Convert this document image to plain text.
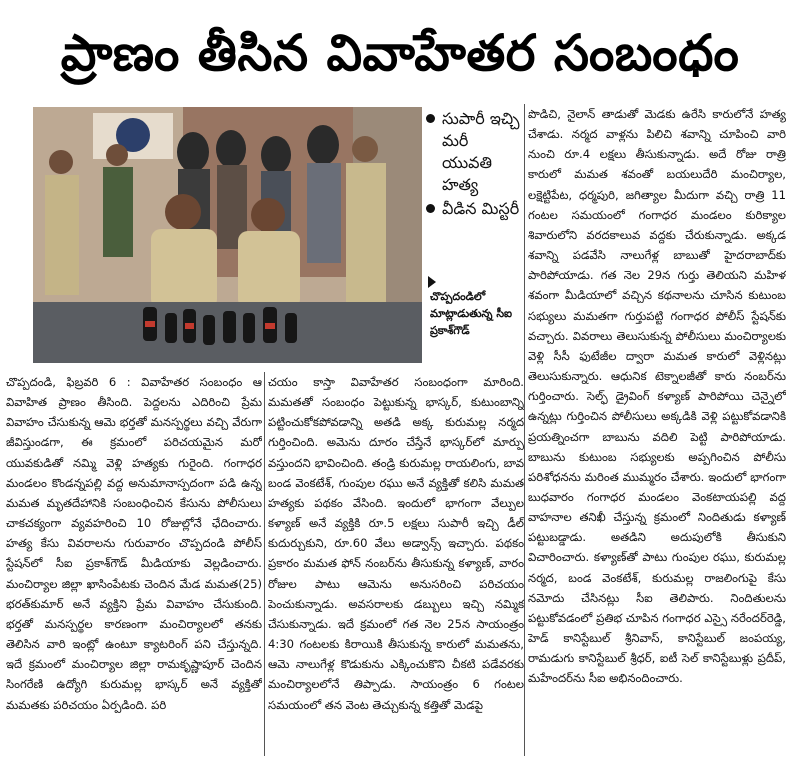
ప్రాణం తీసిన వివాహేతర సంబంధం
సుపారీ ఇచ్చి మరీ యువతి హత్య
వీడిన మిస్టరీ
చొప్పదండిలో మాట్లాడుతున్న సీఐ ప్రకాశ్‌గౌడ్

చొప్పదండి, ఫిబ్రవరి 6 : వివాహేతర సంబంధం ఆ వివాహిత ప్రాణం తీసింది. పెద్దలను ఎదిరించి ప్రేమ వివాహం చేసుకున్న ఆమె భర్తతో మనస్పర్థలు వచ్చి వేరుగా జీవిస్తుండగా, ఈ క్రమంలో పరిచయమైన మరో యువకుడితో నమ్మి వెళ్లి హత్యకు గురైంది. గంగాధర మండలం కొండన్నపల్లి వద్ద అనుమానాస్పదంగా పడి ఉన్న మమత మృతదేహానికి సంబంధించిన కేసును పోలీసులు చాకచక్యంగా వ్యవహరించి 10 రోజుల్లోనే ఛేదించారు. హత్య కేసు వివరాలను గురువారం చొప్పదండి పోలీస్ స్టేషన్‌లో సీఐ ప్రకాశ్‌గౌడ్ మీడియాకు వెల్లడించారు. మంచిర్యాల జిల్లా ఖాసింపేటకు చెందిన మేడ మమత(25) భరత్‌కుమార్ అనే వ్యక్తిని ప్రేమ వివాహం చేసుకుంది. భర్తతో మనస్పర్థల కారణంగా మంచిర్యాలలో తనకు తెలిసిన వారి ఇంట్లో ఉంటూ క్యాటరింగ్ పని చేస్తున్నది. ఇదే క్రమంలో మంచిర్యాల జిల్లా రామకృష్ణాపూర్ చెందిన సింగరేణి ఉద్యోగి కురుమల్ల భాస్కర్ అనే వ్యక్తితో మమతకు పరిచయం ఏర్పడింది. పరి

చయం కాస్తా వివాహేతర సంబంధంగా మారింది. మమతతో సంబంధం పెట్టుకున్న భాస్కర్, కుటుంబాన్ని పట్టించుకోకపోవడాన్ని అతడి అక్క కురుమల్ల నర్మద గుర్తించింది. అమెను దూరం చేస్తేనే భాస్కర్‌లో మార్పు వస్తుందని భావించింది. తండ్రి కురుమల్ల రాయలింగు, బావ బండ వెంకటేశ్, గుంపుల రఘు అనే వ్యక్తితో కలిసి మమత హత్యకు పథకం వేసింది. ఇందులో భాగంగా వేల్పుల కళ్యాణ్ అనే వ్యక్తికి రూ.5 లక్షలు సుపారీ ఇచ్చి డీల్ కుదుర్చుకుని, రూ.60 వేలు అడ్వాన్స్ ఇచ్చారు. పథకం ప్రకారం మమత ఫోన్ నంబర్‌ను తీసుకున్న కళ్యాణ్, వారం రోజుల పాటు ఆమెను అనుసరించి పరిచయం పెంచుకున్నాడు. అవసరాలకు డబ్బులు ఇచ్చి నమ్మిక చేసుకున్నాడు. ఇదే క్రమంలో గత నెల 25న సాయంత్రం 4:30 గంటలకు కిరాయికి తీసుకున్న కారులో మమతను, ఆమె నాలుగేళ్ల కొడుకును ఎక్కించుకొని చీకటి పడేవరకు మంచిర్యాలలోనే తిప్పాడు. సాయంత్రం 6 గంటల సమయంలో తన వెంట తెచ్చుకున్న కత్తితో మెడపై

పొడిచి, నైలాన్ తాడుతో మెడకు ఉరేసి కారులోనే హత్య చేశాడు. నర్మద వాళ్లను పిలిచి శవాన్ని చూపించి వారి నుంచి రూ.4 లక్షలు తీసుకున్నాడు. అదే రోజు రాత్రి కారులో మమత శవంతో బయలుదేరి మంచిర్యాల, లక్షెట్టిపేట, ధర్మపురి, జగిత్యాల మీదుగా వచ్చి రాత్రి 11 గంటల సమయంలో గంగాధర మండలం కురిక్యాల శివారులోని వరదకాలువ వద్దకు చేరుకున్నాడు. అక్కడ శవాన్ని పడవేసి నాలుగేళ్ల బాబుతో హైదరాబాద్‌కు పారిపోయాడు. గత నెల 29న గుర్తు తెలియని మహిళ శవంగా మీడియాలో వచ్చిన కథనాలను చూసిన కుటుంబ సభ్యులు మమతగా గుర్తుపట్టి గంగాధర పోలీస్ స్టేషన్‌కు వచ్చారు. వివరాలు తెలుసుకున్న పోలీసులు మంచిర్యాలకు వెళ్లి సీసీ ఫుటేజీల ద్వారా మమత కారులో వెళ్లినట్లు తెలుసుకున్నారు. ఆధునిక టెక్నాలజీతో కారు నంబర్‌ను గుర్తించారు. సెల్ఫ్ డ్రైవింగ్ కళ్యాణ్ పారిపోయి చెన్నైలో ఉన్నట్లు గుర్తించిన పోలీసులు అక్కడికి వెళ్లి పట్టుకోవడానికి ప్రయత్నించగా బాబును వదిలి పెట్టి పారిపోయాడు. బాబును కుటుంబ సభ్యులకు అప్పగించిన పోలీసు పరిశోధనను మరింత ముమ్మరం చేశారు. ఇందులో భాగంగా బుధవారం గంగాధర మండలం వెంకటాయపల్లి వద్ద వాహనాల తనిఖీ చేస్తున్న క్రమంలో నిందితుడు కళ్యాణ్ పట్టుబడ్డాడు. అతడిని అదుపులోకి తీసుకుని విచారించారు. కళ్యాణ్‌తో పాటు గుంపుల రఘు, కురుమల్ల నర్మద, బండ వెంకటేశ్, కురుమల్ల రాజలింగుపై కేసు నమోదు చేసినట్లు సీఐ తెలిపారు. నిందితులను పట్టుకోవడంలో ప్రతిభ చూపిన గంగాధర ఎస్సై నరేందర్‌రెడ్డి, హెడ్ కానిస్టేబుల్ శ్రీనివాస్, కానిస్టేబుల్ జంపయ్య, రామడుగు కానిస్టేబుల్ శ్రీధర్, ఐటీ సెల్ కానిస్టేబుళ్లు ప్రదీప్, మహేందర్‌ను సీఐ అభినందించారు.
